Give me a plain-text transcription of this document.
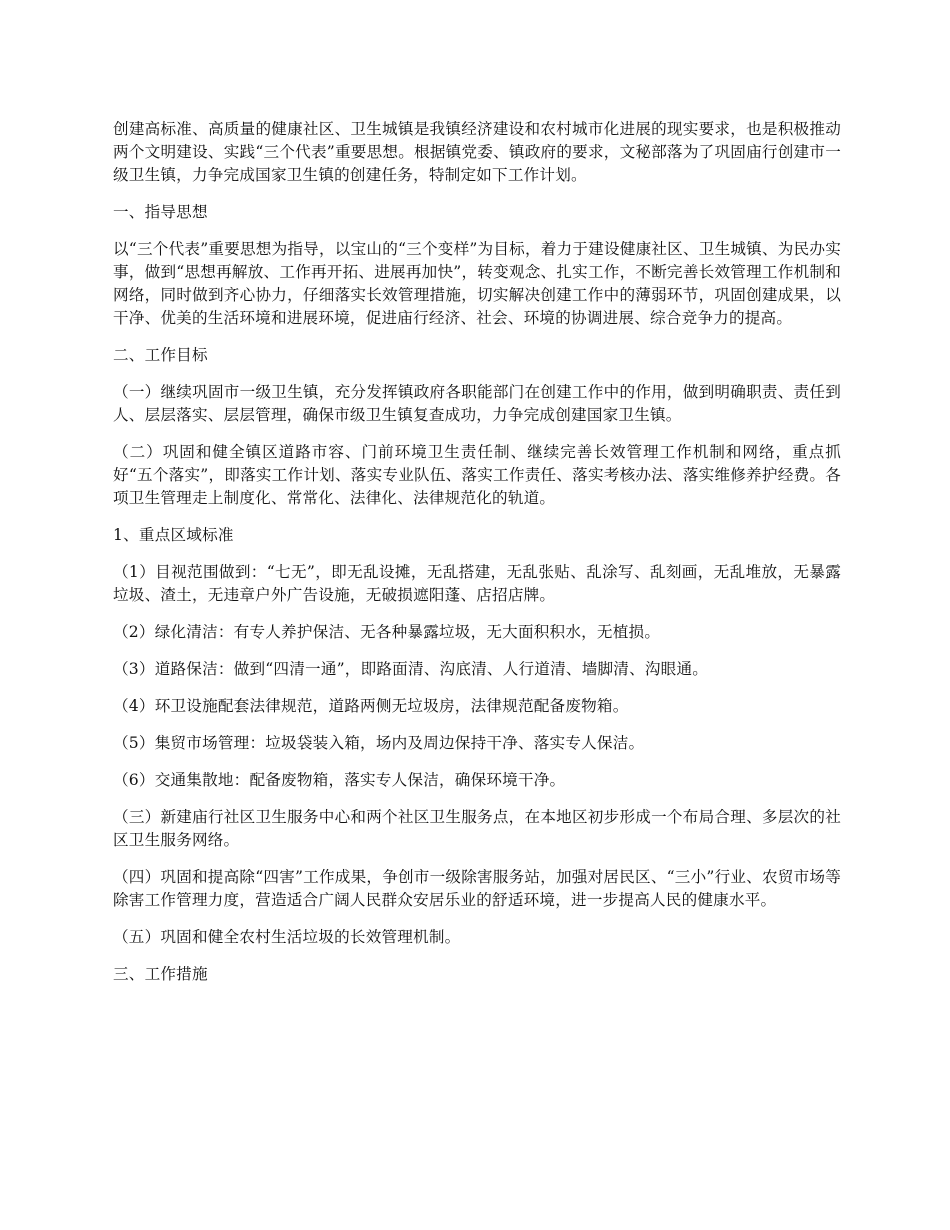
创建高标准、高质量的健康社区、卫生城镇是我镇经济建设和农村城市化进展的现实要求，也是积极推动两个文明建设、实践“三个代表”重要思想。根据镇党委、镇政府的要求，文秘部落为了巩固庙行创建市一级卫生镇，力争完成国家卫生镇的创建任务，特制定如下工作计划。

一、指导思想

以“三个代表”重要思想为指导，以宝山的“三个变样”为目标，着力于建设健康社区、卫生城镇、为民办实事，做到“思想再解放、工作再开拓、进展再加快”，转变观念、扎实工作，不断完善长效管理工作机制和网络，同时做到齐心协力，仔细落实长效管理措施，切实解决创建工作中的薄弱环节，巩固创建成果，以干净、优美的生活环境和进展环境，促进庙行经济、社会、环境的协调进展、综合竞争力的提高。

二、工作目标

（一）继续巩固市一级卫生镇，充分发挥镇政府各职能部门在创建工作中的作用，做到明确职责、责任到人、层层落实、层层管理，确保市级卫生镇复查成功，力争完成创建国家卫生镇。

（二）巩固和健全镇区道路市容、门前环境卫生责任制、继续完善长效管理工作机制和网络，重点抓好“五个落实”，即落实工作计划、落实专业队伍、落实工作责任、落实考核办法、落实维修养护经费。各项卫生管理走上制度化、常常化、法律化、法律规范化的轨道。

1、重点区域标准

（1）目视范围做到：“七无”，即无乱设摊，无乱搭建，无乱张贴、乱涂写、乱刻画，无乱堆放，无暴露垃圾、渣土，无违章户外广告设施，无破损遮阳蓬、店招店牌。

（2）绿化清洁：有专人养护保洁、无各种暴露垃圾，无大面积积水，无植损。

（3）道路保洁：做到“四清一通”，即路面清、沟底清、人行道清、墙脚清、沟眼通。

（4）环卫设施配套法律规范，道路两侧无垃圾房，法律规范配备废物箱。

（5）集贸市场管理：垃圾袋装入箱，场内及周边保持干净、落实专人保洁。

（6）交通集散地：配备废物箱，落实专人保洁，确保环境干净。

（三）新建庙行社区卫生服务中心和两个社区卫生服务点，在本地区初步形成一个布局合理、多层次的社区卫生服务网络。

（四）巩固和提高除“四害”工作成果，争创市一级除害服务站，加强对居民区、“三小”行业、农贸市场等除害工作管理力度，营造适合广阔人民群众安居乐业的舒适环境，进一步提高人民的健康水平。

（五）巩固和健全农村生活垃圾的长效管理机制。

三、工作措施
